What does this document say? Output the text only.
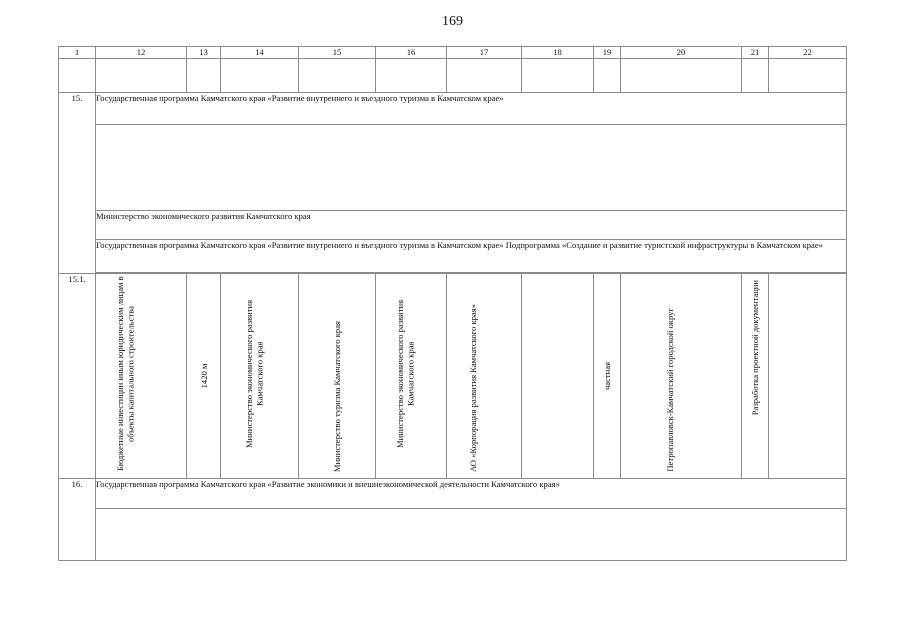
169
1	12	13	14	15	16	17	18	19	20	21	22

15.	Государственная программа Камчатского края «Развитие внутреннего и въездного туризма в Камчатском крае»										

	Министерство экономического развития Камчатского края										
	Государственная программа Камчатского края «Развитие внутреннего и въездного туризма в Камчатском крае» Подпрограмма «Создание и развитие туристской инфраструктуры в Камчатском крае»										

15.1.	Бюджетные инвестиции иным юридическим лицам в объекты капитального строительства	1420 м	Министерство экономического развития Камчатского края	Министерство туризма Камчатского края	Министерство экономического развития Камчатского края	АО «Корпорация развития Камчатского края»		частная	Петропавловск-Камчатский городской округ	Разработка проектной документации	

16.	Государственная программа Камчатского края «Развитие экономики и внешнеэкономической деятельности Камчатского края»										
